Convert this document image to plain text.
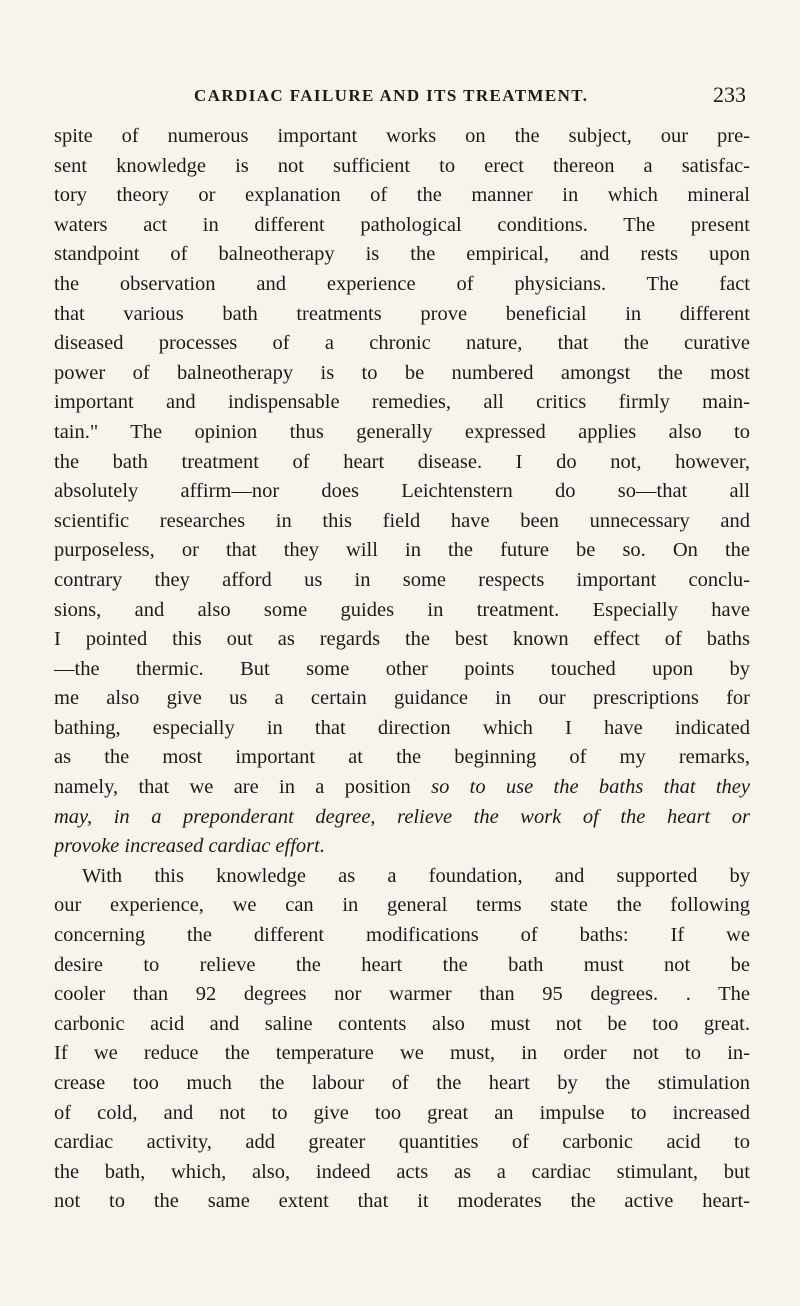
CARDIAC FAILURE AND ITS TREATMENT.	233

spite of numerous important works on the subject, our pre-
sent knowledge is not sufficient to erect thereon a satisfac-
tory theory or explanation of the manner in which mineral
waters act in different pathological conditions. The present
standpoint of balneotherapy is the empirical, and rests upon
the observation and experience of physicians. The fact
that various bath treatments prove beneficial in different
diseased processes of a chronic nature, that the curative
power of balneotherapy is to be numbered amongst the most
important and indispensable remedies, all critics firmly main-
tain." The opinion thus generally expressed applies also to
the bath treatment of heart disease. I do not, however,
absolutely affirm—nor does Leichtenstern do so—that all
scientific researches in this field have been unnecessary and
purposeless, or that they will in the future be so. On the
contrary they afford us in some respects important conclu-
sions, and also some guides in treatment. Especially have
I pointed this out as regards the best known effect of baths
—the thermic. But some other points touched upon by
me also give us a certain guidance in our prescriptions for
bathing, especially in that direction which I have indicated
as the most important at the beginning of my remarks,
namely, that we are in a position so to use the baths that they
may, in a preponderant degree, relieve the work of the heart or
provoke increased cardiac effort.

With this knowledge as a foundation, and supported by
our experience, we can in general terms state the following
concerning the different modifications of baths: If we
desire to relieve the heart the bath must not be
cooler than 92 degrees nor warmer than 95 degrees. . The
carbonic acid and saline contents also must not be too great.
If we reduce the temperature we must, in order not to in-
crease too much the labour of the heart by the stimulation
of cold, and not to give too great an impulse to increased
cardiac activity, add greater quantities of carbonic acid to
the bath, which, also, indeed acts as a cardiac stimulant, but
not to the same extent that it moderates the active heart-
